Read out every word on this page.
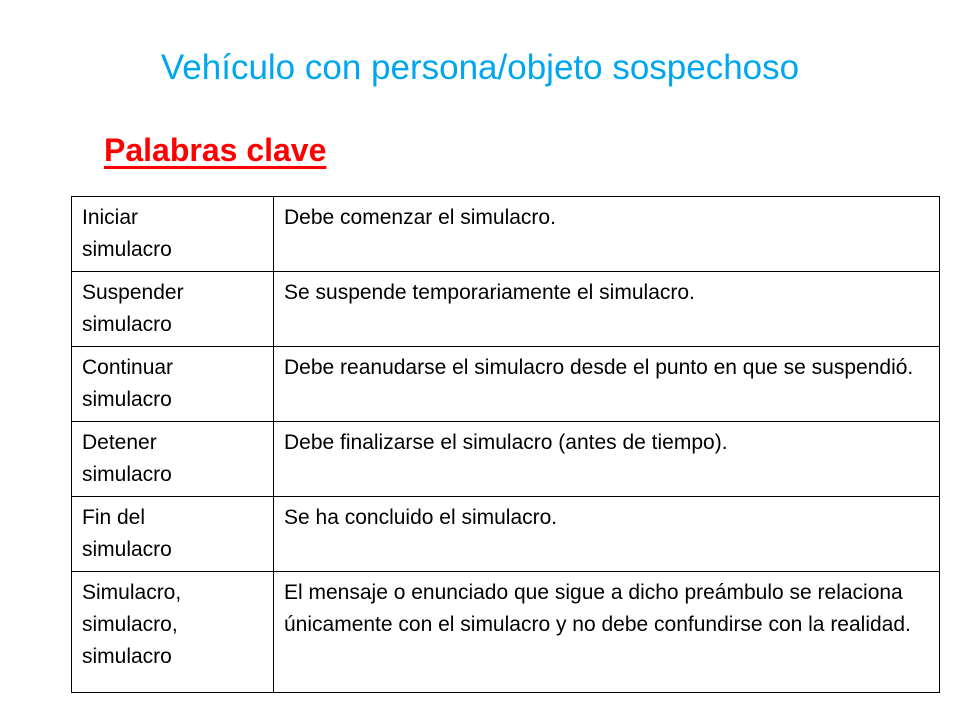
Vehículo con persona/objeto sospechoso
Palabras clave
Iniciar
simulacro	Debe comenzar el simulacro.
Suspender
simulacro	Se suspende temporariamente el simulacro.
Continuar
simulacro	Debe reanudarse el simulacro desde el punto en que se suspendió.
Detener
simulacro	Debe finalizarse el simulacro (antes de tiempo).
Fin del
simulacro	Se ha concluido el simulacro.
Simulacro,
simulacro,
simulacro	El mensaje o enunciado que sigue a dicho preámbulo se relaciona únicamente con el simulacro y no debe confundirse con la realidad.
